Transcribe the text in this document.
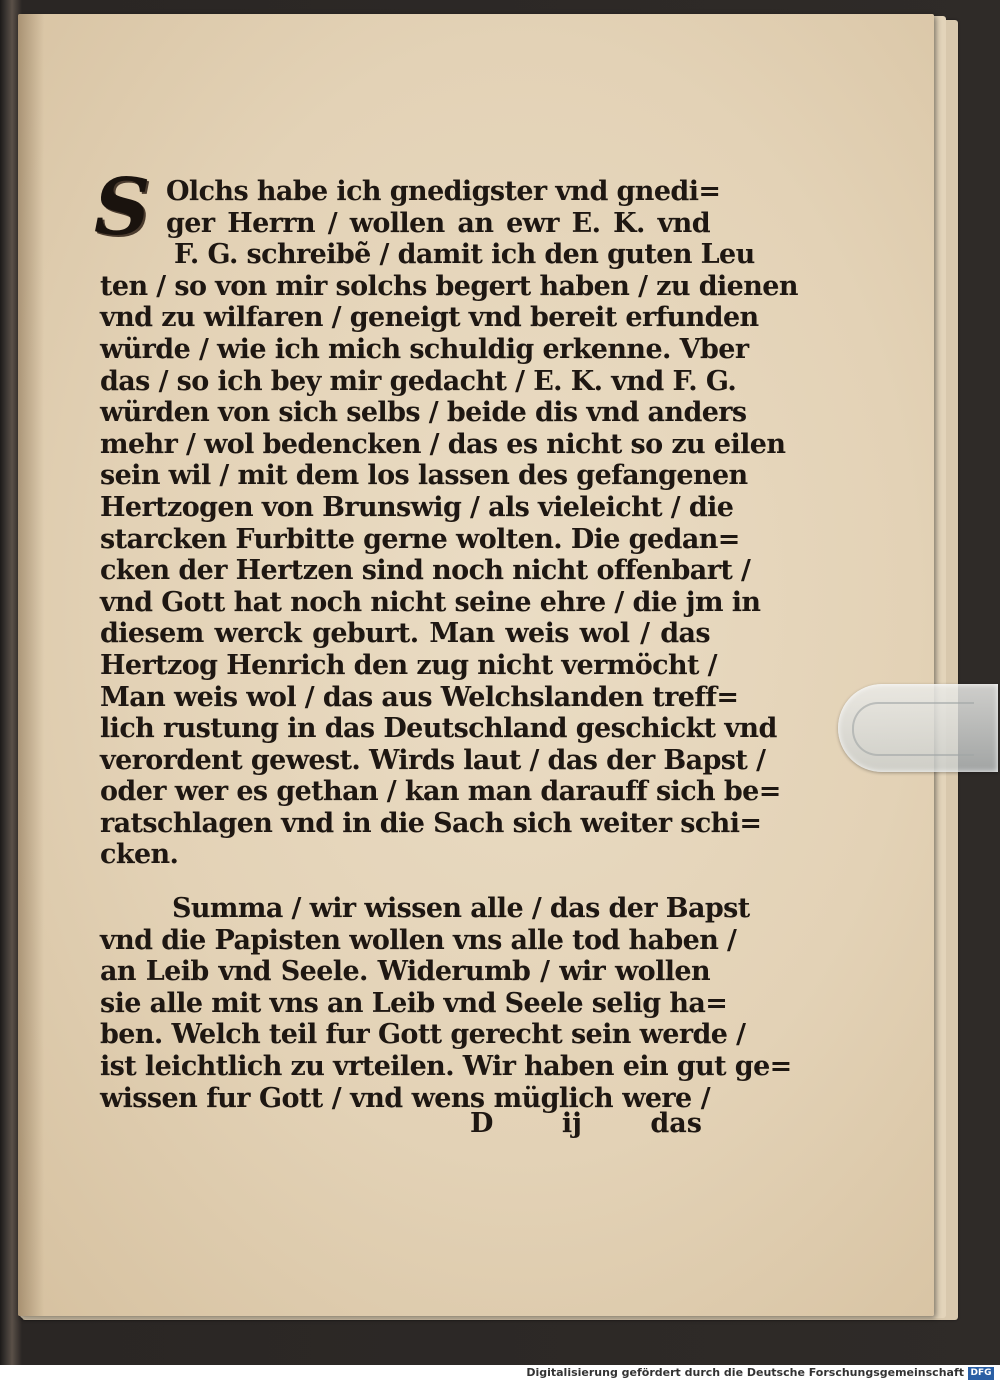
S Olchs habe ich gnedigster vnd gnedi=
ger Herrn / wollen an ewr E. K. vnd
F. G. schreibẽ / damit ich den guten Leu
ten / so von mir solchs begert haben / zu dienen
vnd zu wilfaren / geneigt vnd bereit erfunden
würde / wie ich mich schuldig erkenne. Vber
das / so ich bey mir gedacht / E. K. vnd F. G.
würden von sich selbs / beide dis vnd anders
mehr / wol bedencken / das es nicht so zu eilen
sein wil / mit dem los lassen des gefangenen
Hertzogen von Brunswig / als vieleicht / die
starcken Furbitte gerne wolten. Die gedan=
cken der Hertzen sind noch nicht offenbart /
vnd Gott hat noch nicht seine ehre / die jm in
diesem werck geburt. Man weis wol / das
Hertzog Henrich den zug nicht vermöcht /
Man weis wol / das aus Welchslanden treff=
lich rustung in das Deutschland geschickt vnd
verordent gewest. Wirds laut / das der Bapst /
oder wer es gethan / kan man darauff sich be=
ratschlagen vnd in die Sach sich weiter schi=
cken.
Summa / wir wissen alle / das der Bapst
vnd die Papisten wollen vns alle tod haben /
an Leib vnd Seele. Widerumb / wir wollen
sie alle mit vns an Leib vnd Seele selig ha=
ben. Welch teil fur Gott gerecht sein werde /
ist leichtlich zu vrteilen. Wir haben ein gut ge=
wissen fur Gott / vnd wens müglich were /
D	ij	das
Digitalisierung gefördert durch die Deutsche Forschungsgemeinschaft DFG
